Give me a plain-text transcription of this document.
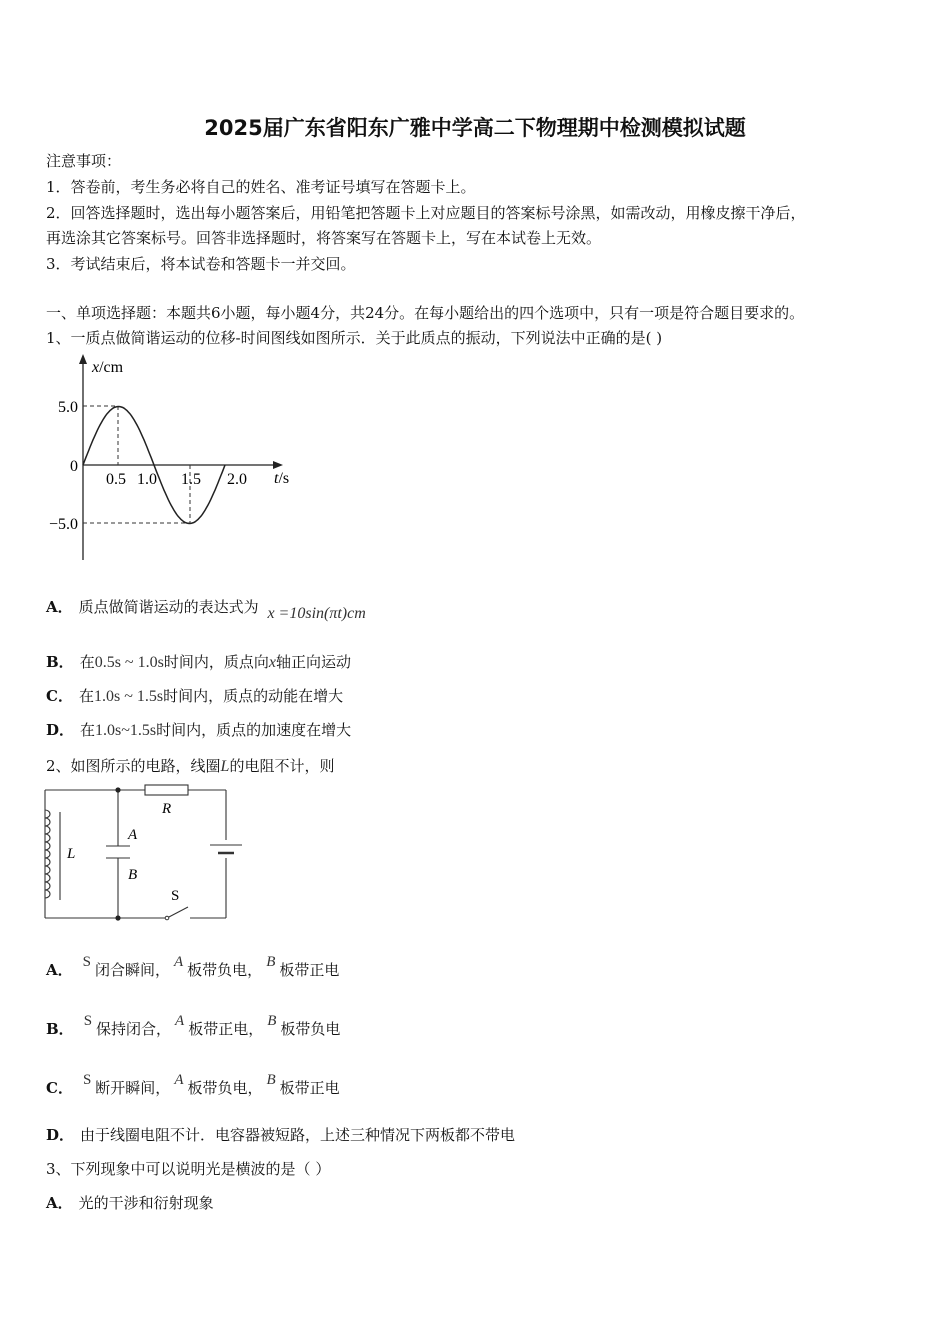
2025届广东省阳东广雅中学高二下物理期中检测模拟试题
注意事项：
1．答卷前，考生务必将自己的姓名、准考证号填写在答题卡上。
2．回答选择题时，选出每小题答案后，用铅笔把答题卡上对应题目的答案标号涂黑，如需改动，用橡皮擦干净后，
再选涂其它答案标号。回答非选择题时，将答案写在答题卡上，写在本试卷上无效。
3．考试结束后，将本试卷和答题卡一并交回。
一、单项选择题：本题共6小题，每小题4分，共24分。在每小题给出的四个选项中，只有一项是符合题目要求的。
1、一质点做简谐运动的位移-时间图线如图所示．关于此质点的振动，下列说法中正确的是( )
x/cm
t/s
5.0
0
−5.0
0.5 1.0 1.5 2.0
A． 质点做简谐运动的表达式为 x =10sin(πt)cm
B． 在0.5s ~ 1.0s时间内，质点向x轴正向运动
C． 在1.0s ~ 1.5s时间内，质点的动能在增大
D． 在1.0s~1.5s时间内，质点的加速度在增大
2、如图所示的电路，线圈L的电阻不计，则
R
A
B
L
S
A． S 闭合瞬间， A 板带负电， B 板带正电
B． S 保持闭合， A 板带正电， B 板带负电
C． S 断开瞬间， A 板带负电， B 板带正电
D． 由于线圈电阻不计．电容器被短路，上述三种情况下两板都不带电
3、下列现象中可以说明光是横波的是（ ）
A． 光的干涉和衍射现象
